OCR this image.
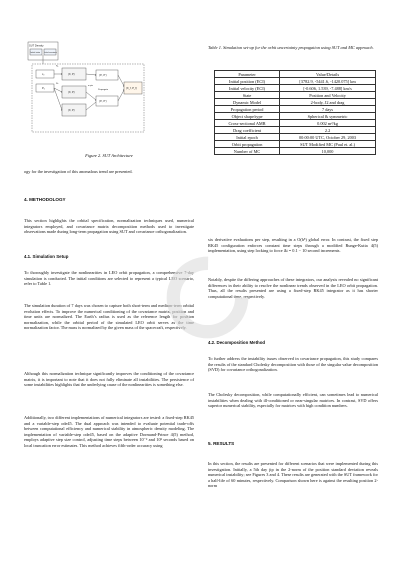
SUT Density
Initial state	Initial covariance
x₀
P₀
(X, P)
(X, P)
(X, P)
(X', P')
(X', P')
(X_f, P_f)
N₁
N₂
σ-pts
Propagate

Figure 2. SUT Architecture

ogy for the investigation of this anomalous trend are presented.

4. METHODOLOGY

This section highlights the orbital specification, normalization techniques used, numerical integrators employed, and covariance matrix decomposition methods used to investigate observations made during long-term propagation using SUT and covariance orthogonalization.

4.1. Simulation Setup

To thoroughly investigate the nonlinearities in LEO orbit propagation, a comprehensive 7-day simulation is conducted. The initial conditions are selected to represent a typical LEO scenario, refer to Table 1.

The simulation duration of 7 days was chosen to capture both short-term and medium-term orbital evolution effects. To improve the numerical conditioning of the covariance matrix, position and time units are normalized. The Earth’s radius is used as the reference length for position normalization, while the orbital period of the simulated LEO orbit serves as the time normalization factor. The mass is normalized by the given mass of the spacecraft, respectively.

Although this normalization technique significantly improves the conditioning of the covariance matrix, it is important to note that it does not fully eliminate all instabilities. The persistence of some instabilities highlights that the underlying cause of the nonlinearities is something else.

Additionally, two different implementations of numerical integrators are tested: a fixed-step RK45 and a variable-step ode45. The dual approach was intended to evaluate potential trade-offs between computational efficiency and numerical stability in atmospheric density modeling. The implementation of variable-step ode45, based on the adaptive Dormand-Prince 4(5) method, employs adaptive step size control, adjusting time steps between 10⁻³ and 10³ seconds based on local truncation error estimates. This method achieves fifth-order accuracy using

Table 1. Simulation set-up for the orbit uncertainty propagation using SUT and MC approach.

Parameter	Value/Details
Initial position (ECI)	[3782.9, -5441.6, -1420.075] km
Initial velocity (ECI)	[-0.606, 1.539, -7.488] km/s
State	Position and Velocity
Dynamic Model	2-body, J2 and drag
Propagation period	7 days
Object shape/type	Spherical & symmetric
Cross-sectional AMR	0.002 m²/kg
Drag coefficient	2.2
Initial epoch	00:00:00 UTC, October 29, 2003
Orbit propagation	SUT Modified MC (Paul et. al.)
Number of MC	10,000

six derivative evaluations per step, resulting in a O(h⁵) global error. In contrast, the fixed step RK45 configuration enforces constant time steps through a modified Runge-Kutta 4(5) implementation, using step locking to force Δt = 0.1 − 10 second increments.

Notably, despite the differing approaches of these integrators, our analysis revealed no significant differences in their ability to resolve the nonlinear trends observed in the LEO orbit propagation. Thus, all the results presented are using a fixed-step RK45 integrator as it has shorter computational time, respectively.

4.2. Decomposition Method

To further address the instability issues observed in covariance propagation, this study compares the results of the standard Cholesky decomposition with those of the singular value decomposition (SVD) for covariance orthogonalization.

The Cholesky decomposition, while computationally efficient, can sometimes lead to numerical instabilities when dealing with ill-conditioned or near-singular matrices. In contrast, SVD offers superior numerical stability, especially for matrices with high condition numbers.

5. RESULTS

In this section, the results are presented for different scenarios that were implemented during this investigation. Initially, a 5th day jip in the 2-norm of the position standard deviation reveals numerical instability; see Figures 3 and 4. These results are generated with the SUT framework for a half-life of 60 minutes, respectively. Comparison shown here is against the resulting position 2-norm
